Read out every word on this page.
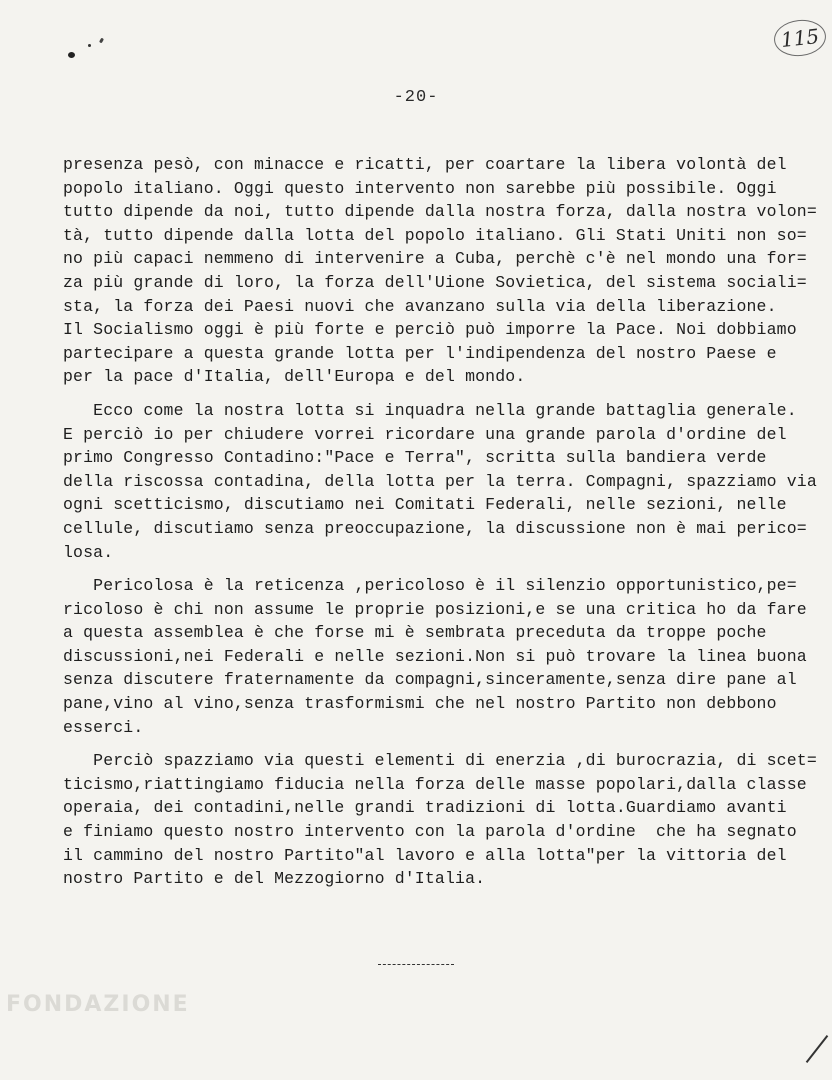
115
-20-
presenza pesò, con minacce e ricatti, per coartare la libera volontà del
popolo italiano. Oggi questo intervento non sarebbe più possibile. Oggi
tutto dipende da noi, tutto dipende dalla nostra forza, dalla nostra volon=
tà, tutto dipende dalla lotta del popolo italiano. Gli Stati Uniti non so=
no più capaci nemmeno di intervenire a Cuba, perchè c'è nel mondo una for=
za più grande di loro, la forza dell'Uione Sovietica, del sistema sociali=
sta, la forza dei Paesi nuovi che avanzano sulla via della liberazione.
Il Socialismo oggi è più forte e perciò può imporre la Pace. Noi dobbiamo
partecipare a questa grande lotta per l'indipendenza del nostro Paese e
per la pace d'Italia, dell'Europa e del mondo.
Ecco come la nostra lotta si inquadra nella grande battaglia generale.
E perciò io per chiudere vorrei ricordare una grande parola d'ordine del
primo Congresso Contadino:"Pace e Terra", scritta sulla bandiera verde
della riscossa contadina, della lotta per la terra. Compagni, spazziamo via
ogni scetticismo, discutiamo nei Comitati Federali, nelle sezioni, nelle
cellule, discutiamo senza preoccupazione, la discussione non è mai perico=
losa.
Pericolosa è la reticenza ,pericoloso è il silenzio opportunistico,pe=
ricoloso è chi non assume le proprie posizioni,e se una critica ho da fare
a questa assemblea è che forse mi è sembrata preceduta da troppe poche
discussioni,nei Federali e nelle sezioni.Non si può trovare la linea buona
senza discutere fraternamente da compagni,sinceramente,senza dire pane al
pane,vino al vino,senza trasformismi che nel nostro Partito non debbono
esserci.
Perciò spazziamo via questi elementi di enerzia ,di burocrazia, di scet=
ticismo,riattingiamo fiducia nella forza delle masse popolari,dalla classe
operaia, dei contadini,nelle grandi tradizioni di lotta.Guardiamo avanti
e finiamo questo nostro intervento con la parola d'ordine  che ha segnato
il cammino del nostro Partito"al lavoro e alla lotta"per la vittoria del
nostro Partito e del Mezzogiorno d'Italia.
FONDAZIONE
